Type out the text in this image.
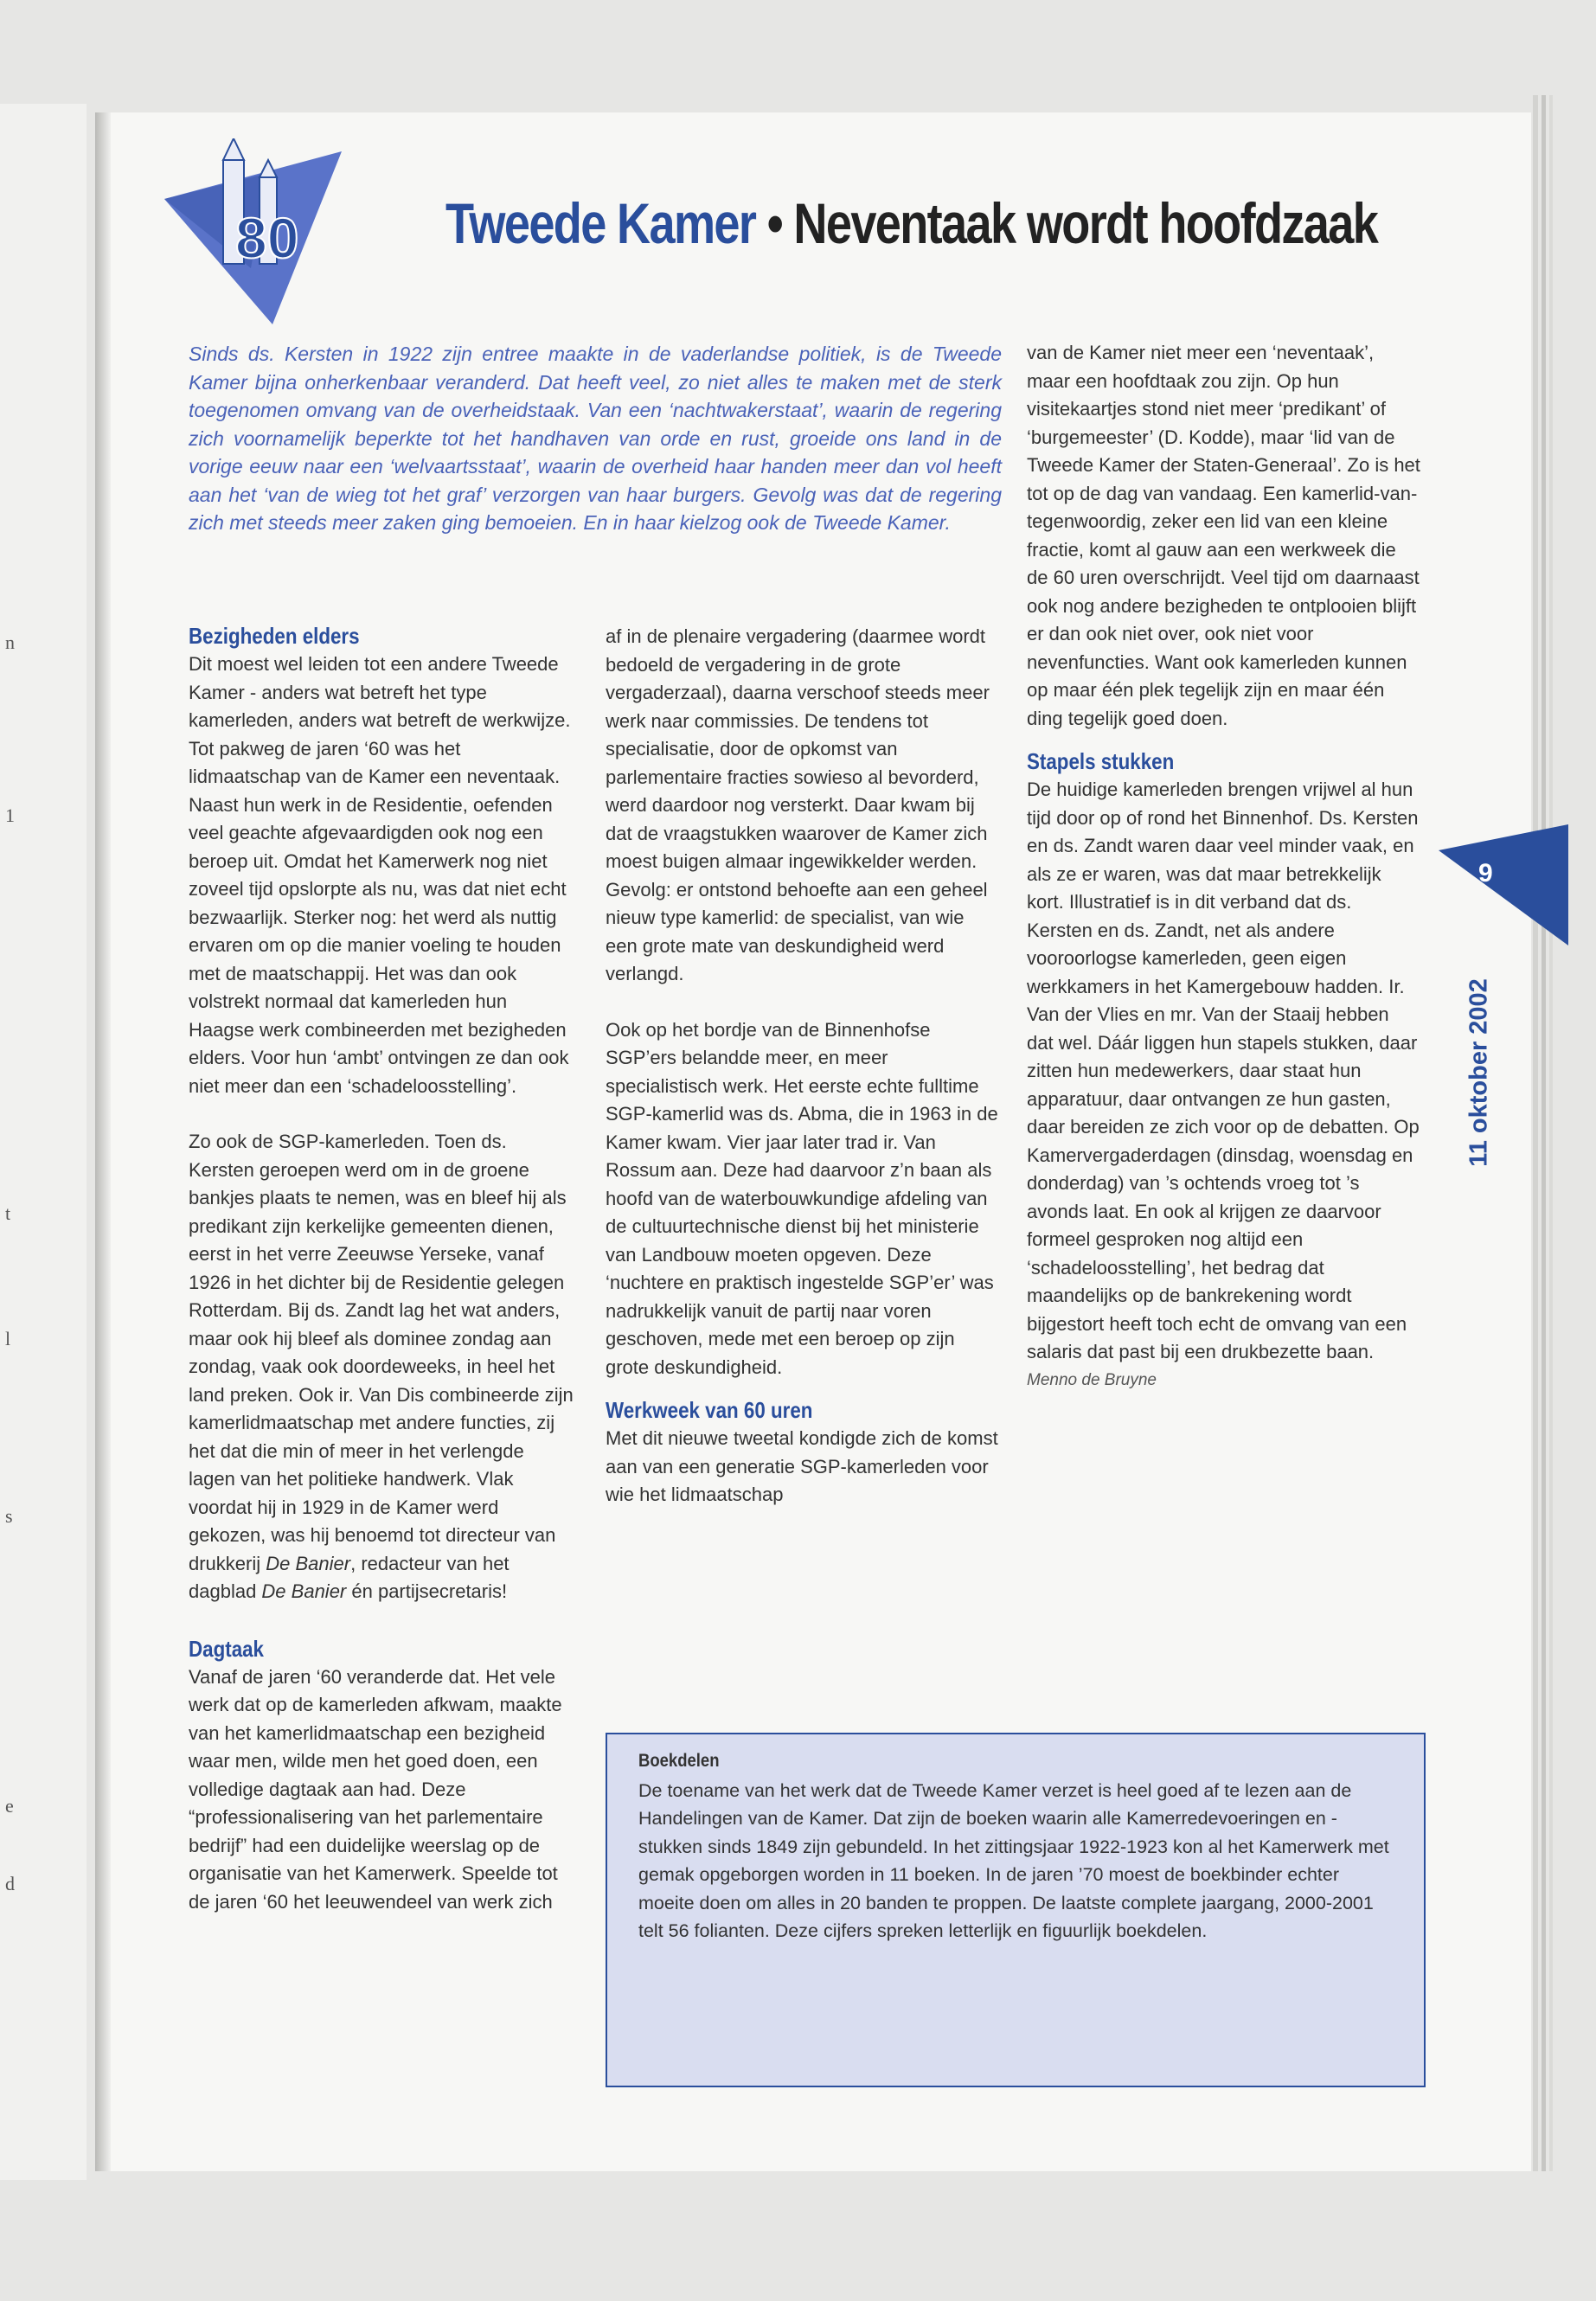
n
1
t
l
s
e
d
80	Tweede Kamer • Neventaak wordt hoofdzaak
Sinds ds. Kersten in 1922 zijn entree maakte in de vaderlandse politiek, is de Tweede Kamer bijna onherkenbaar veranderd. Dat heeft veel, zo niet alles te maken met de sterk toegenomen omvang van de overheidstaak. Van een ‘nachtwakerstaat’, waarin de regering zich voornamelijk beperkte tot het handhaven van orde en rust, groeide ons land in de vorige eeuw naar een ‘welvaartsstaat’, waarin de overheid haar handen meer dan vol heeft aan het ‘van de wieg tot het graf’ verzorgen van haar burgers. Gevolg was dat de regering zich met steeds meer zaken ging bemoeien. En in haar kielzog ook de Tweede Kamer.

Bezigheden elders

Dit moest wel leiden tot een andere Tweede Kamer - anders wat betreft het type kamerleden, anders wat betreft de werkwijze. Tot pakweg de jaren ‘60 was het lidmaatschap van de Kamer een neventaak. Naast hun werk in de Residentie, oefenden veel geachte afgevaardigden ook nog een beroep uit. Omdat het Kamerwerk nog niet zoveel tijd opslorpte als nu, was dat niet echt bezwaarlijk. Sterker nog: het werd als nuttig ervaren om op die manier voeling te houden met de maatschappij. Het was dan ook volstrekt normaal dat kamerleden hun Haagse werk combineerden met bezigheden elders. Voor hun ‘ambt’ ontvingen ze dan ook niet meer dan een ‘schadeloosstelling’.

Zo ook de SGP-kamerleden. Toen ds. Kersten geroepen werd om in de groene bankjes plaats te nemen, was en bleef hij als predikant zijn kerkelijke gemeenten dienen, eerst in het verre Zeeuwse Yerseke, vanaf 1926 in het dichter bij de Residentie gelegen Rotterdam. Bij ds. Zandt lag het wat anders, maar ook hij bleef als dominee zondag aan zondag, vaak ook doordeweeks, in heel het land preken. Ook ir. Van Dis combineerde zijn kamerlidmaatschap met andere functies, zij het dat die min of meer in het verlengde lagen van het politieke handwerk. Vlak voordat hij in 1929 in de Kamer werd gekozen, was hij benoemd tot directeur van drukkerij De Banier, redacteur van het dagblad De Banier én partijsecretaris!

Dagtaak

Vanaf de jaren ‘60 veranderde dat. Het vele werk dat op de kamerleden afkwam, maakte van het kamerlidmaatschap een bezigheid waar men, wilde men het goed doen, een volledige dagtaak aan had. Deze “professionalisering van het parlementaire bedrijf” had een duidelijke weerslag op de organisatie van het Kamerwerk. Speelde tot de jaren ‘60 het leeuwendeel van werk zich

af in de plenaire vergadering (daarmee wordt bedoeld de vergadering in de grote vergaderzaal), daarna verschoof steeds meer werk naar commissies. De tendens tot specialisatie, door de opkomst van parlementaire fracties sowieso al bevorderd, werd daardoor nog versterkt. Daar kwam bij dat de vraagstukken waarover de Kamer zich moest buigen almaar ingewikkelder werden. Gevolg: er ontstond behoefte aan een geheel nieuw type kamerlid: de specialist, van wie een grote mate van deskundigheid werd verlangd.

Ook op het bordje van de Binnenhofse SGP’ers belandde meer, en meer specialistisch werk. Het eerste echte fulltime SGP-kamerlid was ds. Abma, die in 1963 in de Kamer kwam. Vier jaar later trad ir. Van Rossum aan. Deze had daarvoor z’n baan als hoofd van de waterbouwkundige afdeling van de cultuurtechnische dienst bij het ministerie van Landbouw moeten opgeven. Deze ‘nuchtere en praktisch ingestelde SGP’er’ was nadrukkelijk vanuit de partij naar voren geschoven, mede met een beroep op zijn grote deskundigheid.

Werkweek van 60 uren

Met dit nieuwe tweetal kondigde zich de komst aan van een generatie SGP-kamerleden voor wie het lidmaatschap

van de Kamer niet meer een ‘neventaak’, maar een hoofdtaak zou zijn. Op hun visitekaartjes stond niet meer ‘predikant’ of ‘burgemeester’ (D. Kodde), maar ‘lid van de Tweede Kamer der Staten-Generaal’. Zo is het tot op de dag van vandaag. Een kamerlid-van-tegenwoordig, zeker een lid van een kleine fractie, komt al gauw aan een werkweek die de 60 uren overschrijdt. Veel tijd om daarnaast ook nog andere bezigheden te ontplooien blijft er dan ook niet over, ook niet voor nevenfuncties. Want ook kamerleden kunnen op maar één plek tegelijk zijn en maar één ding tegelijk goed doen.

Stapels stukken

De huidige kamerleden brengen vrijwel al hun tijd door op of rond het Binnenhof. Ds. Kersten en ds. Zandt waren daar veel minder vaak, en als ze er waren, was dat maar betrekkelijk kort. Illustratief is in dit verband dat ds. Kersten en ds. Zandt, net als andere vooroorlogse kamerleden, geen eigen werkkamers in het Kamergebouw hadden. Ir. Van der Vlies en mr. Van der Staaij hebben dat wel. Dáár liggen hun stapels stukken, daar zitten hun medewerkers, daar staat hun apparatuur, daar ontvangen ze hun gasten, daar bereiden ze zich voor op de debatten. Op Kamervergaderdagen (dinsdag, woensdag en donderdag) van ’s ochtends vroeg tot ’s avonds laat. En ook al krijgen ze daarvoor formeel gesproken nog altijd een ‘schadeloosstelling’, het bedrag dat maandelijks op de bankrekening wordt bijgestort heeft toch echt de omvang van een salaris dat past bij een drukbezette baan.

Menno de Bruyne

Boekdelen

De toename van het werk dat de Tweede Kamer verzet is heel goed af te lezen aan de Handelingen van de Kamer. Dat zijn de boeken waarin alle Kamerredevoeringen en -stukken sinds 1849 zijn gebundeld. In het zittingsjaar 1922-1923 kon al het Kamerwerk met gemak opgeborgen worden in 11 boeken. In de jaren ’70 moest de boekbinder echter moeite doen om alles in 20 banden te proppen. De laatste complete jaargang, 2000-2001 telt 56 folianten. Deze cijfers spreken letterlijk en figuurlijk boekdelen.

9
11 oktober 2002
